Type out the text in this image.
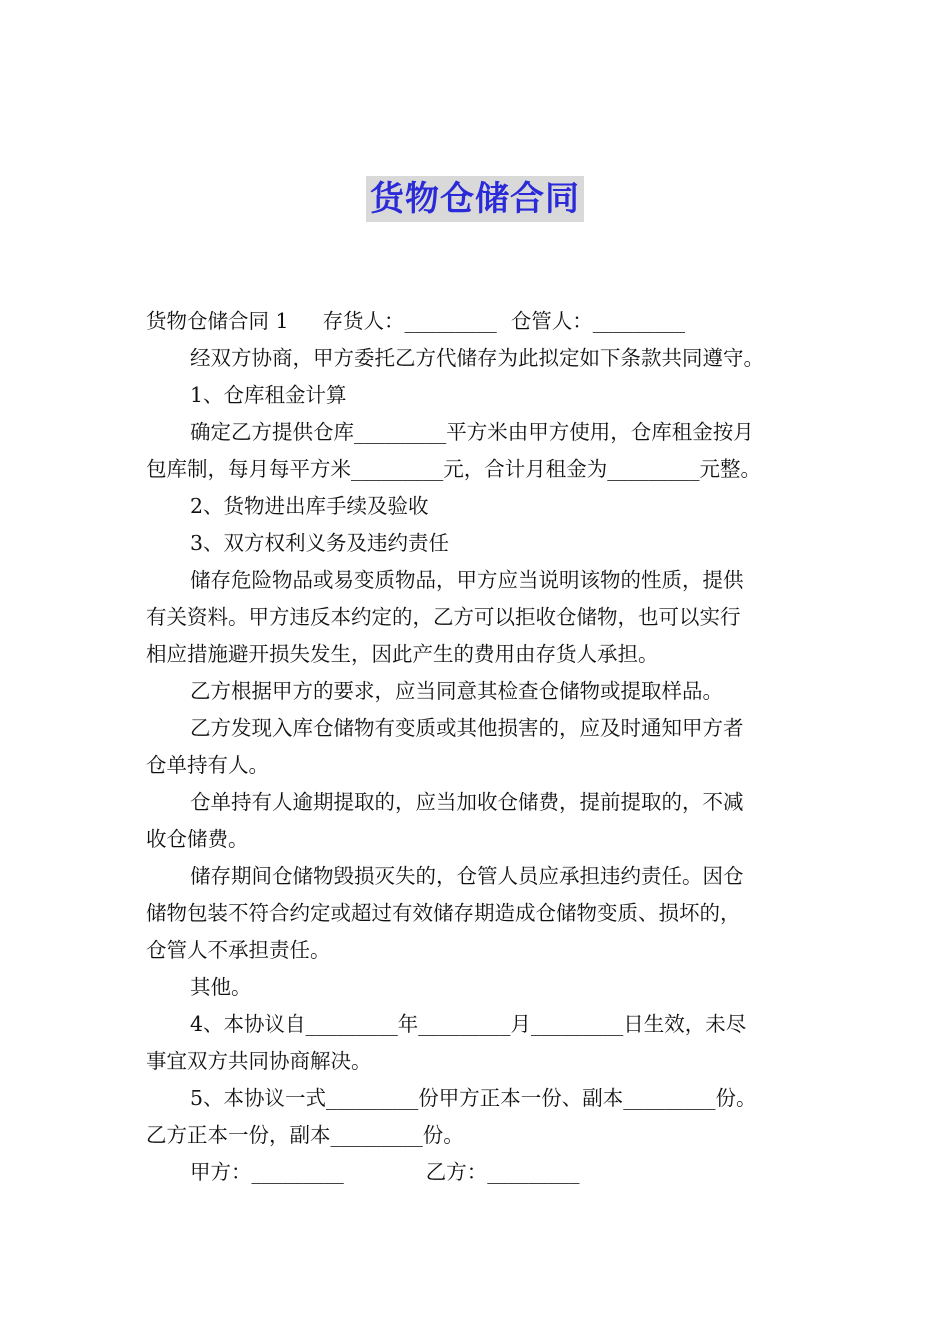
货物仓储合同

货物仓储合同 1 存货人：_________ 仓管人：_________

经双方协商，甲方委托乙方代储存为此拟定如下条款共同遵守。

1、仓库租金计算

确定乙方提供仓库_________平方米由甲方使用，仓库租金按月

包库制，每月每平方米_________元，合计月租金为_________元整。

2、货物进出库手续及验收

3、双方权利义务及违约责任

储存危险物品或易变质物品，甲方应当说明该物的性质，提供

有关资料。甲方违反本约定的，乙方可以拒收仓储物，也可以实行

相应措施避开损失发生，因此产生的费用由存货人承担。

乙方根据甲方的要求，应当同意其检查仓储物或提取样品。

乙方发现入库仓储物有变质或其他损害的，应及时通知甲方者

仓单持有人。

仓单持有人逾期提取的，应当加收仓储费，提前提取的，不减

收仓储费。

储存期间仓储物毁损灭失的，仓管人员应承担违约责任。因仓

储物包装不符合约定或超过有效储存期造成仓储物变质、损坏的，

仓管人不承担责任。

其他。

4、本协议自_________年_________月_________日生效，未尽

事宜双方共同协商解决。

5、本协议一式_________份甲方正本一份、副本_________份。

乙方正本一份，副本_________份。

甲方：_________	乙方：_________
